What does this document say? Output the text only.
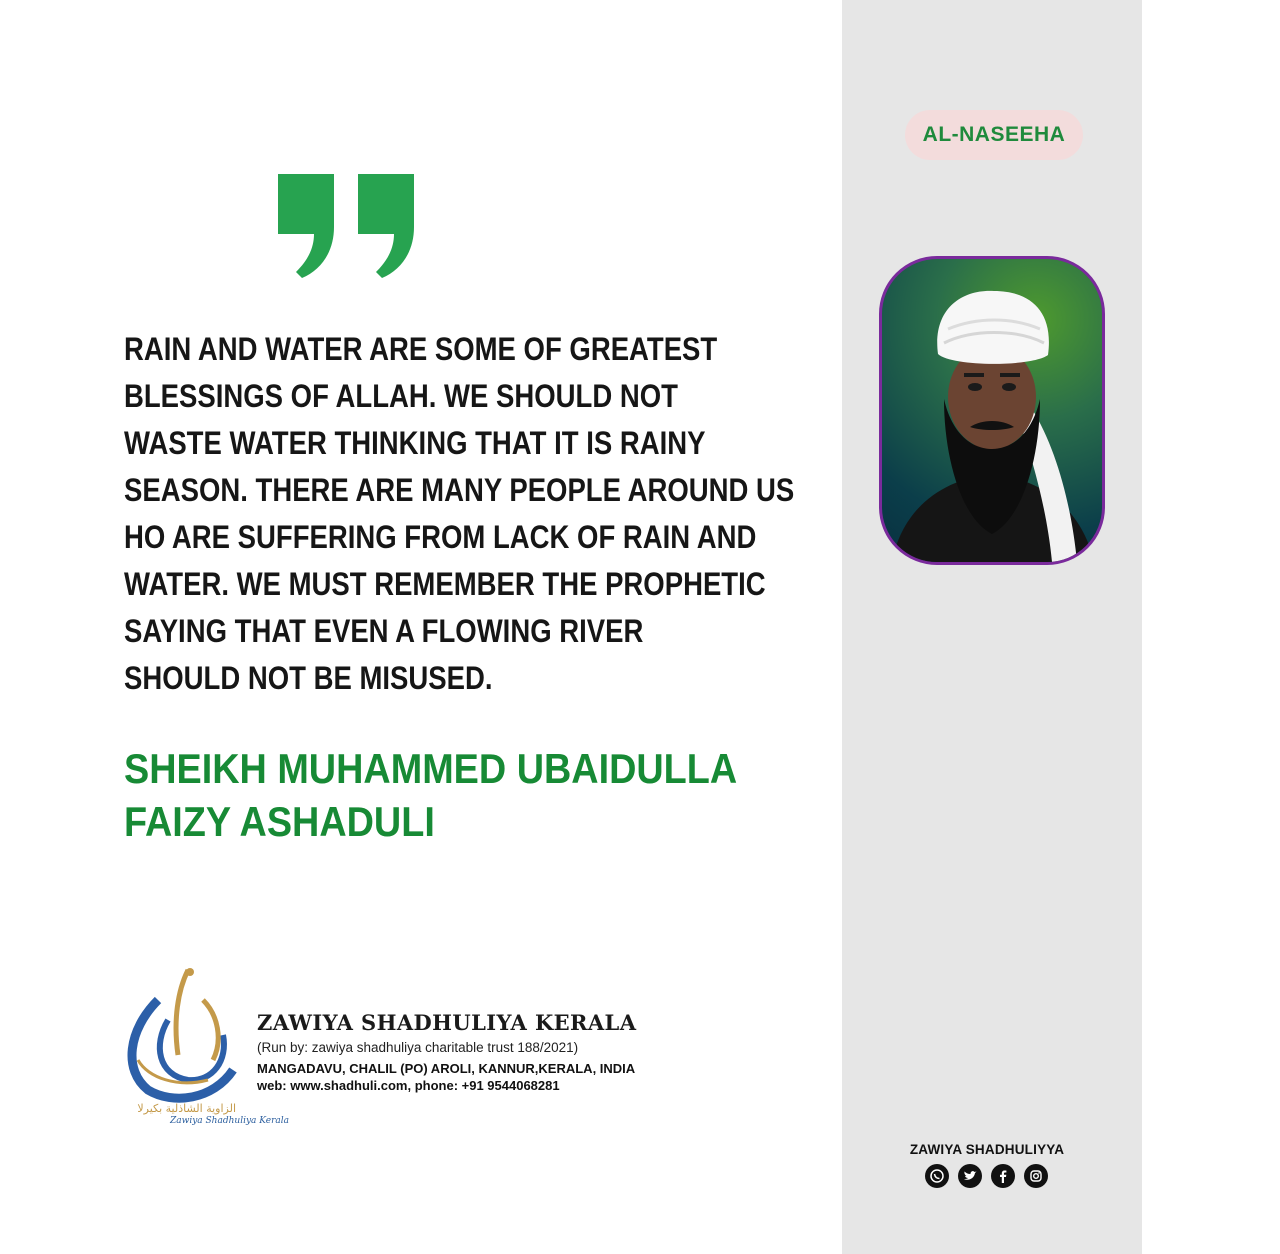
AL-NASEEHA
RAIN AND WATER ARE SOME OF GREATEST
BLESSINGS OF ALLAH. WE SHOULD NOT
WASTE WATER THINKING THAT IT IS RAINY
SEASON. THERE ARE MANY PEOPLE AROUND US
HO ARE SUFFERING FROM LACK OF RAIN AND
WATER. WE MUST REMEMBER THE PROPHETIC
SAYING THAT EVEN A FLOWING RIVER
SHOULD NOT BE MISUSED.
SHEIKH MUHAMMED UBAIDULLA
FAIZY ASHADULI
الزاوية الشاذلية بكيرلا
Zawiya Shadhuliya Kerala
ZAWIYA SHADHULIYA KERALA
(Run by: zawiya shadhuliya charitable trust 188/2021)
MANGADAVU, CHALIL (PO) AROLI, KANNUR,KERALA, INDIA
web: www.shadhuli.com, phone: +91 9544068281
ZAWIYA SHADHULIYYA
